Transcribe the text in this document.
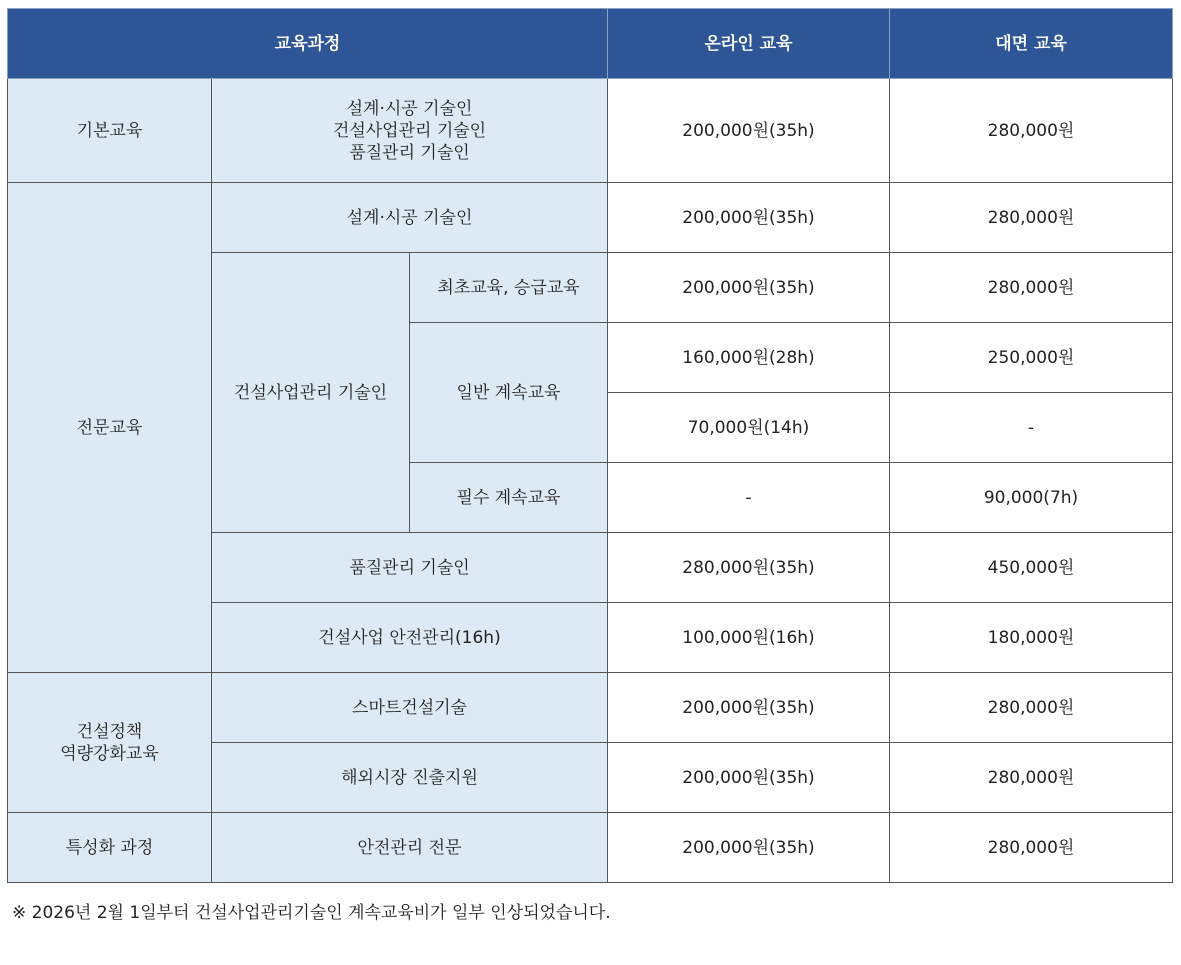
교육과정			온라인 교육	대면 교육
기본교육	설계·시공 기술인
건설사업관리 기술인
품질관리 기술인		200,000원(35h)	280,000원
전문교육	설계·시공 기술인		200,000원(35h)	280,000원
	건설사업관리 기술인	최초교육, 승급교육	200,000원(35h)	280,000원
		일반 계속교육	160,000원(28h)	250,000원
			70,000원(14h)	-
		필수 계속교육	-	90,000(7h)
	품질관리 기술인		280,000원(35h)	450,000원
	건설사업 안전관리(16h)		100,000원(16h)	180,000원

건설정책
역량강화교육	스마트건설기술		200,000원(35h)	280,000원
	해외시장 진출지원		200,000원(35h)	280,000원
특성화 과정	안전관리 전문		200,000원(35h)	280,000원
※ 2026년 2월 1일부터 건설사업관리기술인 계속교육비가 일부 인상되었습니다.
